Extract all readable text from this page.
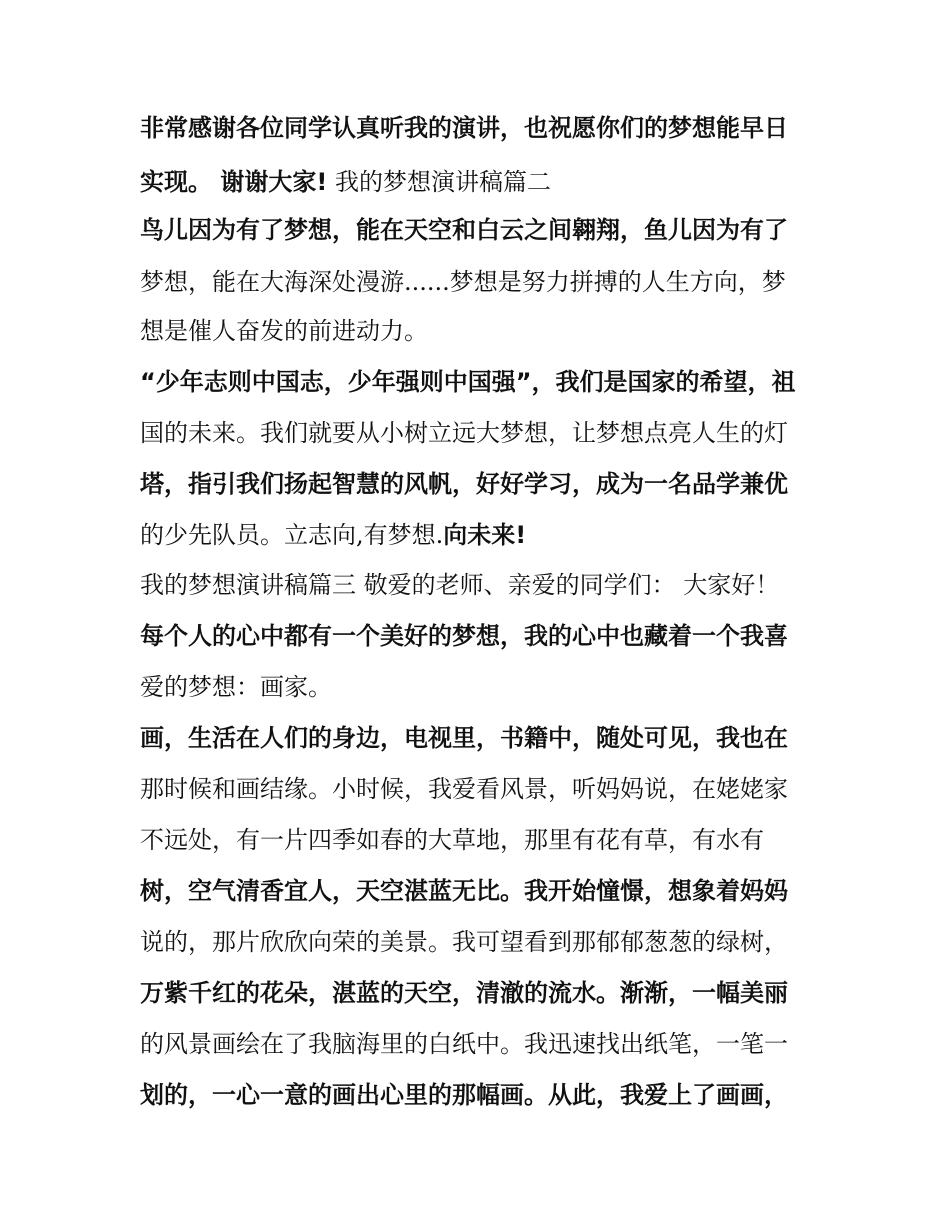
非常感谢各位同学认真听我的演讲，也祝愿你们的梦想能早日
实现。 谢谢大家! 我的梦想演讲稿篇二
鸟儿因为有了梦想，能在天空和白云之间翱翔，鱼儿因为有了
梦想，能在大海深处漫游......梦想是努力拼搏的人生方向，梦
想是催人奋发的前进动力。
“少年志则中国志，少年强则中国强”，我们是国家的希望，祖
国的未来。我们就要从小树立远大梦想，让梦想点亮人生的灯
塔，指引我们扬起智慧的风帆，好好学习，成为一名品学兼优
的少先队员。立志向,有梦想.向未来!
我的梦想演讲稿篇三 敬爱的老师、亲爱的同学们： 大家好！
每个人的心中都有一个美好的梦想，我的心中也藏着一个我喜
爱的梦想：画家。
画，生活在人们的身边，电视里，书籍中，随处可见，我也在
那时候和画结缘。小时候，我爱看风景，听妈妈说，在姥姥家
不远处，有一片四季如春的大草地，那里有花有草，有水有
树，空气清香宜人，天空湛蓝无比。我开始憧憬，想象着妈妈
说的，那片欣欣向荣的美景。我可望看到那郁郁葱葱的绿树，
万紫千红的花朵，湛蓝的天空，清澈的流水。渐渐，一幅美丽
的风景画绘在了我脑海里的白纸中。我迅速找出纸笔，一笔一
划的，一心一意的画出心里的那幅画。从此，我爱上了画画，
